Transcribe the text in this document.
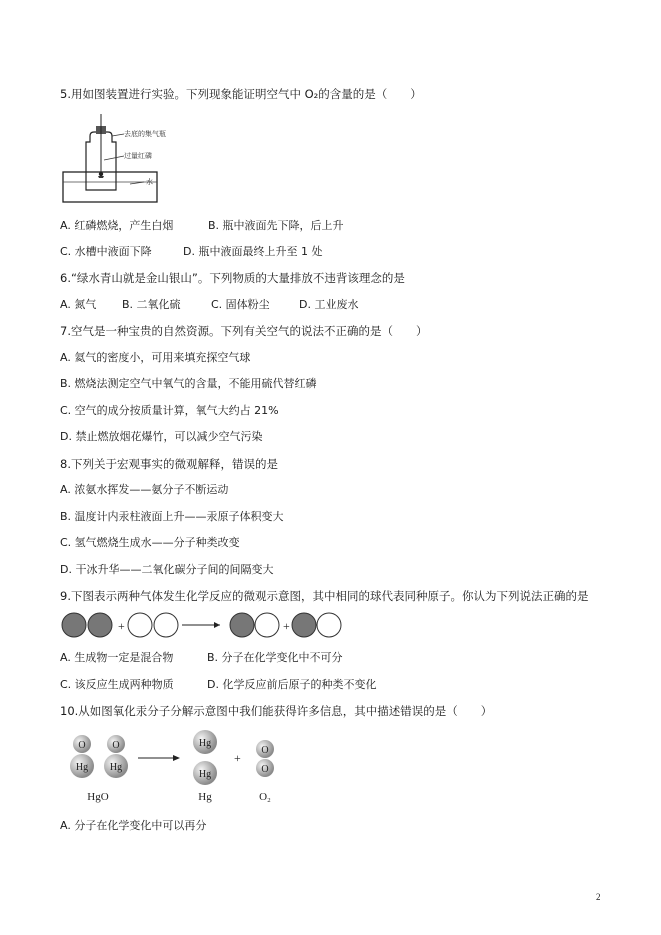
5.用如图装置进行实验。下列现象能证明空气中 O₂的含量的是（　　）
去底的集气瓶
过量红磷
水
A. 红磷燃烧，产生白烟	B. 瓶中液面先下降，后上升
C. 水槽中液面下降	D. 瓶中液面最终上升至 1 处
6.“绿水青山就是金山银山”。下列物质的大量排放不违背该理念的是
A. 氮气 B. 二氧化硫	C. 固体粉尘	D. 工业废水
7.空气是一种宝贵的自然资源。下列有关空气的说法不正确的是（　　）
A. 氦气的密度小，可用来填充探空气球
B. 燃烧法测定空气中氧气的含量，不能用硫代替红磷
C. 空气的成分按质量计算，氧气大约占 21%
D. 禁止燃放烟花爆竹，可以减少空气污染
8.下列关于宏观事实的微观解释，错误的是
A. 浓氨水挥发——氨分子不断运动
B. 温度计内汞柱液面上升——汞原子体积变大
C. 氢气燃烧生成水——分子种类改变
D. 干冰升华——二氧化碳分子间的间隔变大
9.下图表示两种气体发生化学反应的微观示意图，其中相同的球代表同种原子。你认为下列说法正确的是
+	+
A. 生成物一定是混合物	B. 分子在化学变化中不可分
C. 该反应生成两种物质	D. 化学反应前后原子的种类不变化
10.从如图氧化汞分子分解示意图中我们能获得许多信息，其中描述错误的是（　　）
O
Hg
O
Hg
Hg
Hg
+
O
O
HgO	Hg	O₂
A. 分子在化学变化中可以再分
2
